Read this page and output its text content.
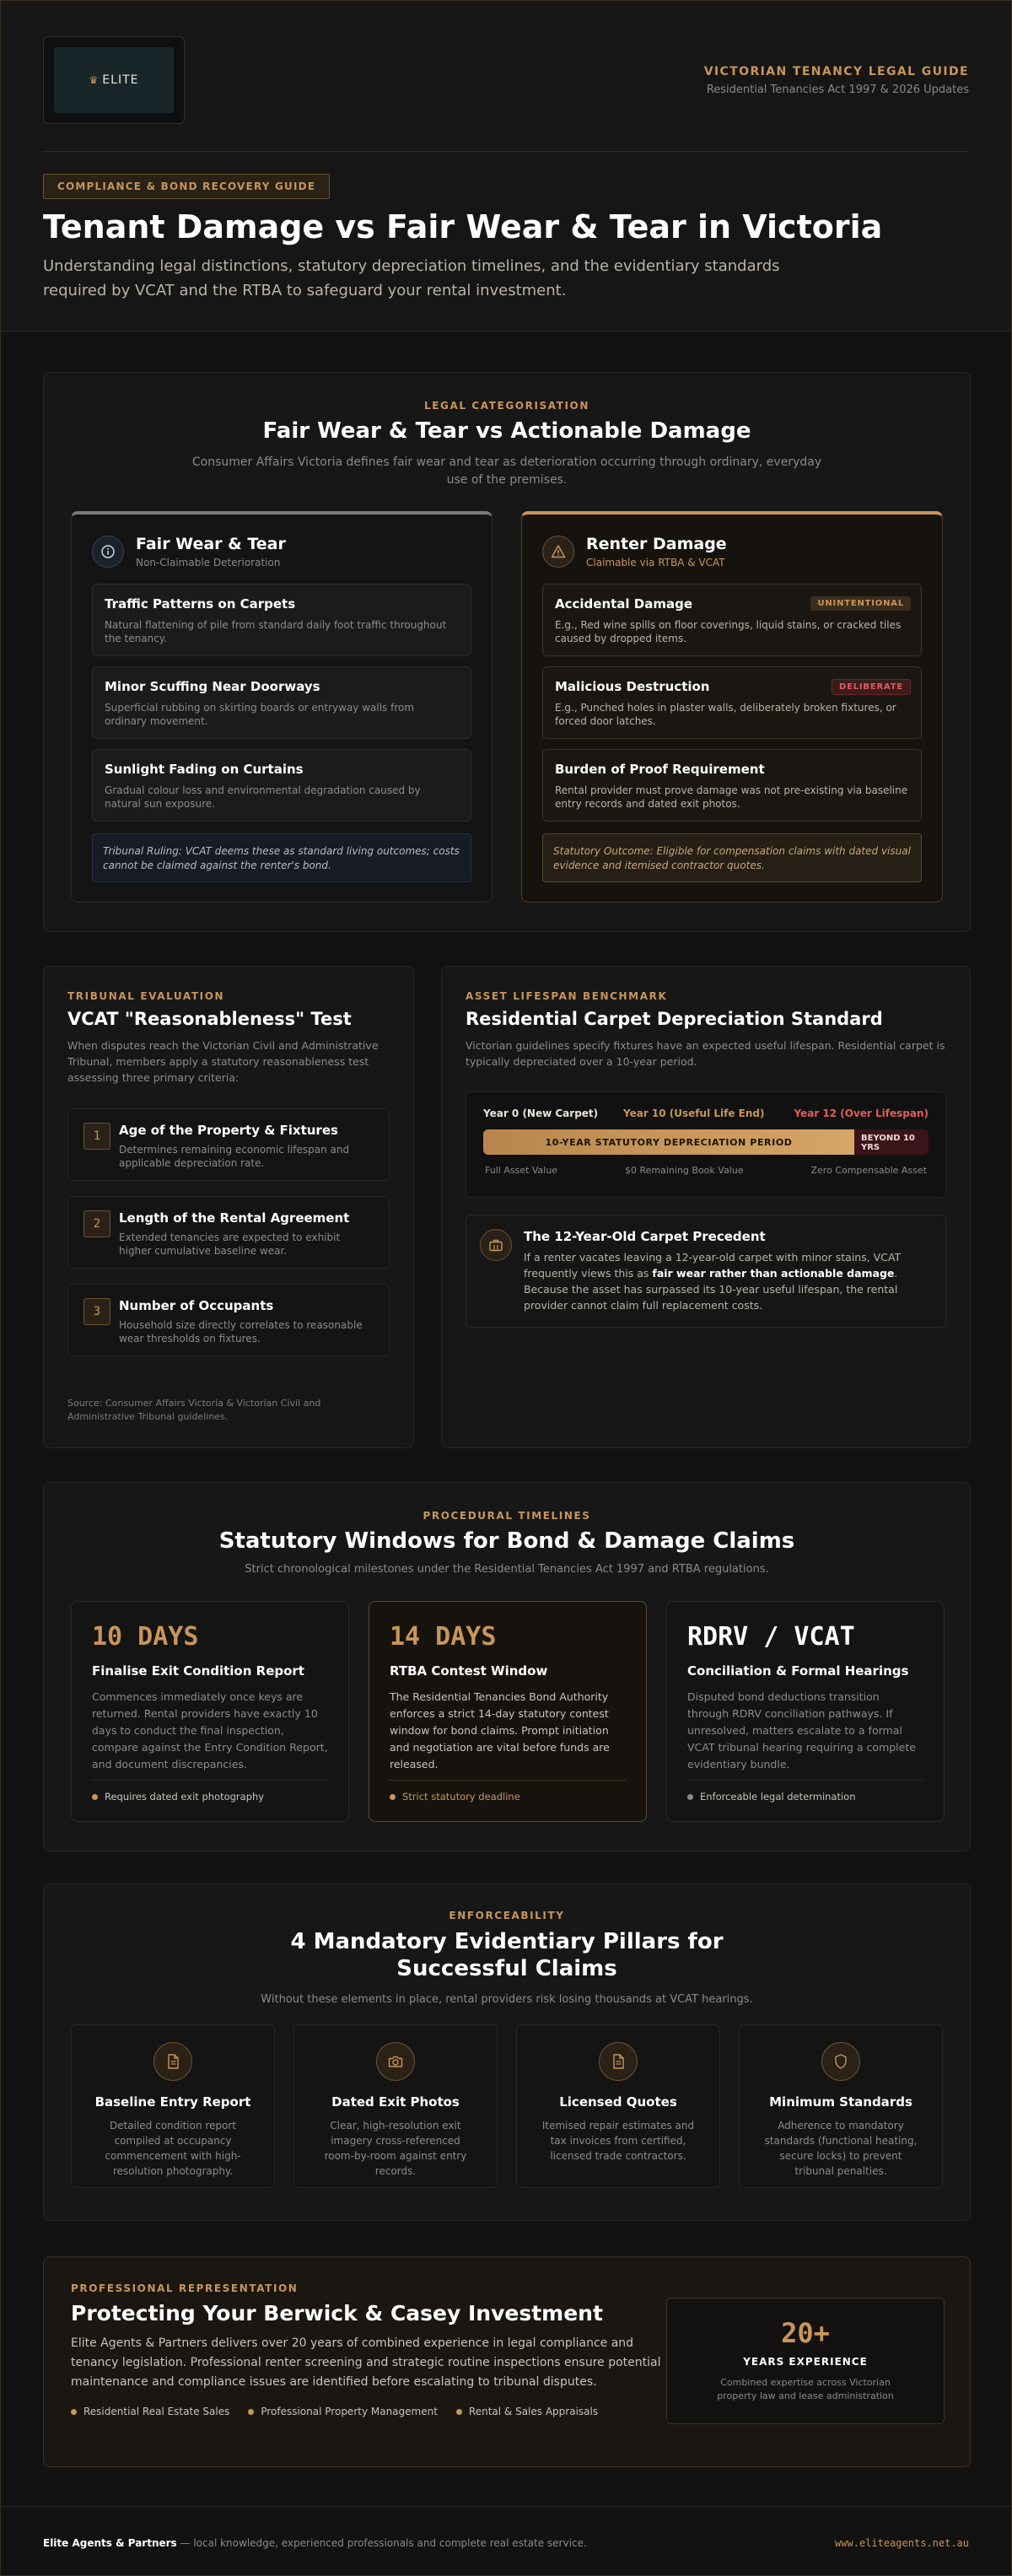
♛ ELITE
VICTORIAN TENANCY LEGAL GUIDE
Residential Tenancies Act 1997 & 2026 Updates
COMPLIANCE & BOND RECOVERY GUIDE
Tenant Damage vs Fair Wear & Tear in Victoria
Understanding legal distinctions, statutory depreciation timelines, and the evidentiary standards required by VCAT and the RTBA to safeguard your rental investment.
LEGAL CATEGORISATION
Fair Wear & Tear vs Actionable Damage
Consumer Affairs Victoria defines fair wear and tear as deterioration occurring through ordinary, everyday use of the premises.
Fair Wear & Tear
Non-Claimable Deterioration
Traffic Patterns on Carpets
Natural flattening of pile from standard daily foot traffic throughout the tenancy.
Minor Scuffing Near Doorways
Superficial rubbing on skirting boards or entryway walls from ordinary movement.
Sunlight Fading on Curtains
Gradual colour loss and environmental degradation caused by natural sun exposure.
Tribunal Ruling: VCAT deems these as standard living outcomes; costs cannot be claimed against the renter's bond.
Renter Damage
Claimable via RTBA & VCAT
Accidental Damage	UNINTENTIONAL
E.g., Red wine spills on floor coverings, liquid stains, or cracked tiles caused by dropped items.
Malicious Destruction	DELIBERATE
E.g., Punched holes in plaster walls, deliberately broken fixtures, or forced door latches.
Burden of Proof Requirement
Rental provider must prove damage was not pre-existing via baseline entry records and dated exit photos.
Statutory Outcome: Eligible for compensation claims with dated visual evidence and itemised contractor quotes.
TRIBUNAL EVALUATION
VCAT "Reasonableness" Test
When disputes reach the Victorian Civil and Administrative Tribunal, members apply a statutory reasonableness test assessing three primary criteria:
1	Age of the Property & Fixtures
Determines remaining economic lifespan and applicable depreciation rate.
2	Length of the Rental Agreement
Extended tenancies are expected to exhibit higher cumulative baseline wear.
3	Number of Occupants
Household size directly correlates to reasonable wear thresholds on fixtures.
Source: Consumer Affairs Victoria & Victorian Civil and Administrative Tribunal guidelines.
ASSET LIFESPAN BENCHMARK
Residential Carpet Depreciation Standard
Victorian guidelines specify fixtures have an expected useful lifespan. Residential carpet is typically depreciated over a 10-year period.
Year 0 (New Carpet) Year 10 (Useful Life End)	Year 12 (Over Lifespan)
10-YEAR STATUTORY DEPRECIATION PERIOD	BEYOND 10 YRS
Full Asset Value	$0 Remaining Book Value	Zero Compensable Asset
The 12-Year-Old Carpet Precedent
If a renter vacates leaving a 12-year-old carpet with minor stains, VCAT frequently views this as fair wear rather than actionable damage. Because the asset has surpassed its 10-year useful lifespan, the rental provider cannot claim full replacement costs.
PROCEDURAL TIMELINES
Statutory Windows for Bond & Damage Claims
Strict chronological milestones under the Residential Tenancies Act 1997 and RTBA regulations.
10 DAYS
Finalise Exit Condition Report
Commences immediately once keys are returned. Rental providers have exactly 10 days to conduct the final inspection, compare against the Entry Condition Report, and document discrepancies.
Requires dated exit photography
14 DAYS
RTBA Contest Window
The Residential Tenancies Bond Authority enforces a strict 14-day statutory contest window for bond claims. Prompt initiation and negotiation are vital before funds are released.
Strict statutory deadline
RDRV / VCAT
Conciliation & Formal Hearings
Disputed bond deductions transition through RDRV conciliation pathways. If unresolved, matters escalate to a formal VCAT tribunal hearing requiring a complete evidentiary bundle.
Enforceable legal determination
ENFORCEABILITY
4 Mandatory Evidentiary Pillars for Successful Claims
Without these elements in place, rental providers risk losing thousands at VCAT hearings.
Baseline Entry Report
Detailed condition report compiled at occupancy commencement with high-resolution photography.
Dated Exit Photos
Clear, high-resolution exit imagery cross-referenced room-by-room against entry records.
Licensed Quotes
Itemised repair estimates and tax invoices from certified, licensed trade contractors.
Minimum Standards
Adherence to mandatory standards (functional heating, secure locks) to prevent tribunal penalties.
PROFESSIONAL REPRESENTATION
Protecting Your Berwick & Casey Investment
Elite Agents & Partners delivers over 20 years of combined experience in legal compliance and tenancy legislation. Professional renter screening and strategic routine inspections ensure potential maintenance and compliance issues are identified before escalating to tribunal disputes.
Residential Real Estate Sales	Professional Property Management	Rental & Sales Appraisals
20+
YEARS EXPERIENCE
Combined expertise across Victorian property law and lease administration
Elite Agents & Partners — local knowledge, experienced professionals and complete real estate service.	www.eliteagents.net.au
